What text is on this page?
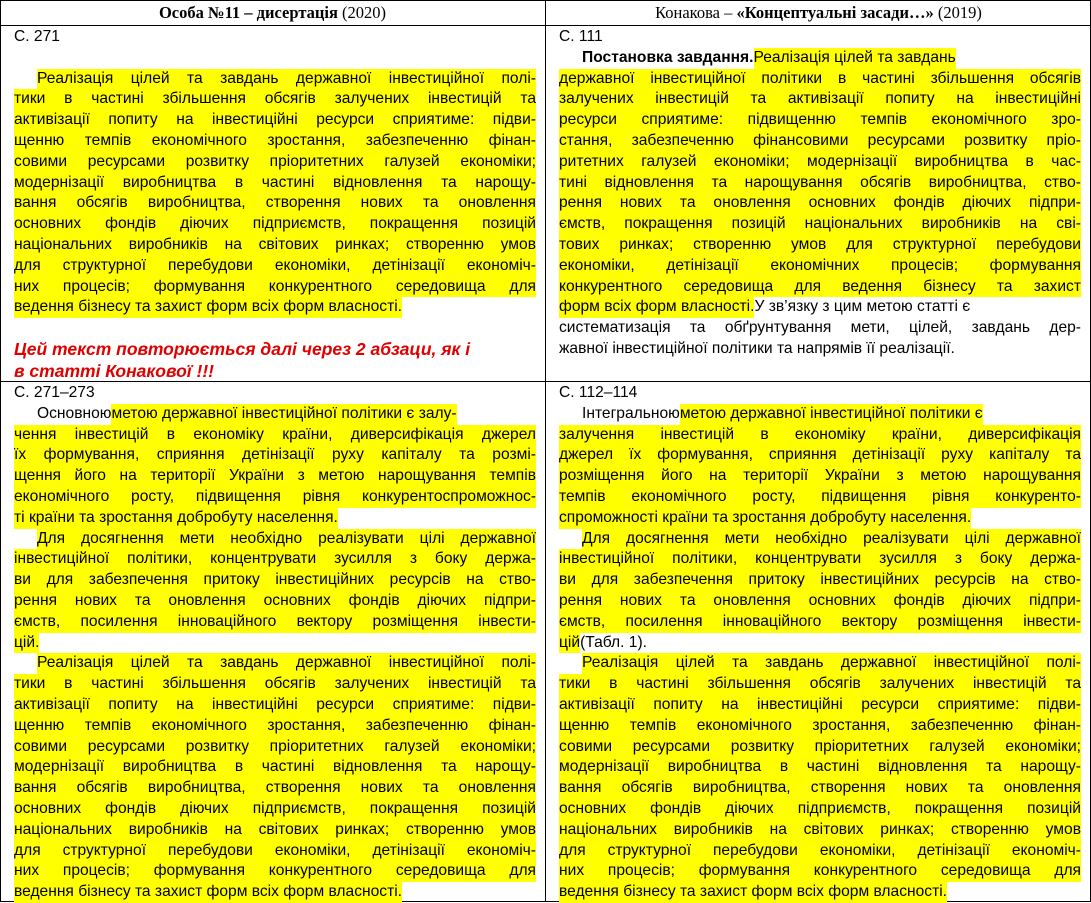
Особа №11 – дисертація (2020)	Конакова – «Концептуальні засади…» (2019)
С. 271
Реалізація цілей та завдань державної інвестиційної полі-
тики в частині збільшення обсягів залучених інвестицій та
активізації попиту на інвестиційні ресурси сприятиме: підви-
щенню темпів економічного зростання, забезпеченню фінан-
совими ресурсами розвитку пріоритетних галузей економіки;
модернізації виробництва в частині відновлення та нарощу-
вання обсягів виробництва, створення нових та оновлення
основних фондів діючих підприємств, покращення позицій
національних виробників на світових ринках; створенню умов
для структурної перебудови економіки, детінізації економіч-
них процесів; формування конкурентного середовища для
ведення бізнесу та захист форм всіх форм власності.
С. 111
Постановка завдання. Реалізація цілей та завдань
державної інвестиційної політики в частині збільшення обсягів
залучених інвестицій та активізації попиту на інвестиційні
ресурси сприятиме: підвищенню темпів економічного зро-
стання, забезпеченню фінансовими ресурсами розвитку пріо-
ритетних галузей економіки; модернізації виробництва в час-
тині відновлення та нарощування обсягів виробництва, ство-
рення нових та оновлення основних фондів діючих підпри-
ємств, покращення позицій національних виробників на сві-
тових ринках; створенню умов для структурної перебудови
економіки, детінізації економічних процесів; формування
конкурентного середовища для ведення бізнесу та захист
форм всіх форм власності. У зв’язку з цим метою статті є
систематизація та обґрунтування мети, цілей, завдань дер-
жавної інвестиційної політики та напрямів її реалізації.
С. 271–273
Основною метою державної інвестиційної політики є залу-
чення інвестицій в економіку країни, диверсифікація джерел
їх формування, сприяння детінізації руху капіталу та розмі-
щення його на території України з метою нарощування темпів
економічного росту, підвищення рівня конкурентоспроможнос-
ті країни та зростання добробуту населення.
Для досягнення мети необхідно реалізувати цілі державної
інвестиційної політики, концентрувати зусилля з боку держа-
ви для забезпечення притоку інвестиційних ресурсів на ство-
рення нових та оновлення основних фондів діючих підпри-
ємств, посилення інноваційного вектору розміщення інвести-
цій.
Реалізація цілей та завдань державної інвестиційної полі-
тики в частині збільшення обсягів залучених інвестицій та
активізації попиту на інвестиційні ресурси сприятиме: підви-
щенню темпів економічного зростання, забезпеченню фінан-
совими ресурсами розвитку пріоритетних галузей економіки;
модернізації виробництва в частині відновлення та нарощу-
вання обсягів виробництва, створення нових та оновлення
основних фондів діючих підприємств, покращення позицій
національних виробників на світових ринках; створенню умов
для структурної перебудови економіки, детінізації економіч-
них процесів; формування конкурентного середовища для
ведення бізнесу та захист форм всіх форм власності.
С. 112–114
Інтегральною метою державної інвестиційної політики є
залучення інвестицій в економіку країни, диверсифікація
джерел їх формування, сприяння детінізації руху капіталу та
розміщення його на території України з метою нарощування
темпів економічного росту, підвищення рівня конкуренто-
спроможності країни та зростання добробуту населення.
Для досягнення мети необхідно реалізувати цілі державної
інвестиційної політики, концентрувати зусилля з боку держа-
ви для забезпечення притоку інвестиційних ресурсів на ство-
рення нових та оновлення основних фондів діючих підпри-
ємств, посилення інноваційного вектору розміщення інвести-
цій (Табл. 1).
Реалізація цілей та завдань державної інвестиційної полі-
тики в частині збільшення обсягів залучених інвестицій та
активізації попиту на інвестиційні ресурси сприятиме: підви-
щенню темпів економічного зростання, забезпеченню фінан-
совими ресурсами розвитку пріоритетних галузей економіки;
модернізації виробництва в частині відновлення та нарощу-
вання обсягів виробництва, створення нових та оновлення
основних фондів діючих підприємств, покращення позицій
національних виробників на світових ринках; створенню умов
для структурної перебудови економіки, детінізації економіч-
них процесів; формування конкурентного середовища для
ведення бізнесу та захист форм всіх форм власності.
Цей текст повторюється далі через 2 абзаци, як і
в статті Конакової !!!
